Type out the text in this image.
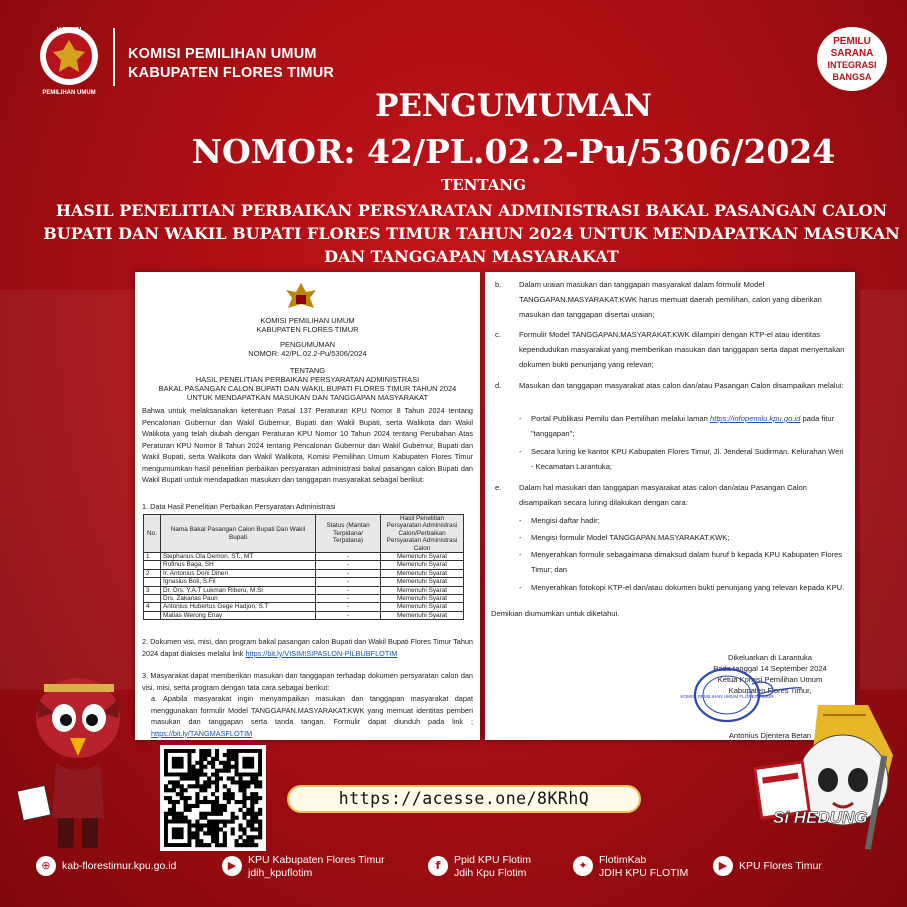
KOMISI
PEMILIHAN UMUM
KOMISI PEMILIHAN UMUM
KABUPATEN FLORES TIMUR
PEMILU
SARANA
INTEGRASI
BANGSA
PENGUMUMAN
NOMOR: 42/PL.02.2-Pu/5306/2024
TENTANG
HASIL PENELITIAN PERBAIKAN PERSYARATAN ADMINISTRASI BAKAL PASANGAN CALON BUPATI DAN WAKIL BUPATI FLORES TIMUR TAHUN 2024 UNTUK MENDAPATKAN MASUKAN DAN TANGGAPAN MASYARAKAT
KOMISI PEMILIHAN UMUM
KABUPATEN FLORES TIMUR
PENGUMUMAN
NOMOR: 42/PL.02.2-Pu/5306/2024
TENTANG
HASIL PENELITIAN PERBAIKAN PERSYARATAN ADMINISTRASI
BAKAL PASANGAN CALON BUPATI DAN WAKIL BUPATI FLORES TIMUR TAHUN 2024
UNTUK MENDAPATKAN MASUKAN DAN TANGGAPAN MASYARAKAT
Bahwa untuk melaksanakan ketentuan Pasal 137 Peraturan KPU Nomor 8 Tahun 2024 tentang Pencalonan Gubernur dan Wakil Gubernur, Bupati dan Wakil Bupati, serta Walikota dan Wakil Walikota yang telah diubah dengan Peraturan KPU Nomor 10 Tahun 2024 tentang Perubahan Atas Peraturan KPU Nomor 8 Tahun 2024 tentang Pencalonan Gubernur dan Wakil Gubernur, Bupati dan Wakil Bupati, serta Walikota dan Wakil Walikota, Komisi Pemilihan Umum Kabupaten Flores Timur mengumumkan hasil penelitian perbaikan persyaratan administrasi bakal pasangan calon Bupati dan Wakil Bupati untuk mendapatkan masukan dan tanggapan masyarakat sebagai berikut:
1. Data Hasil Penelitian Perbaikan Persyaratan Administrasi
No.	Nama Bakal Pasangan Calon Bupati Dan Wakil Bupati	Status (Mantan Terpidana/ Terpidana)	Hasil Penelitian Persyaratan Administrasi Calon/Perbaikan Persyaratan Administrasi Calon
1	Stephanus Ola Demon, ST., MT	-	Memenuhi Syarat
	Rofinus Baga, SH	-	Memenuhi Syarat
2	Ir. Antonius Doni Dihen	-	Memenuhi Syarat
	Ignasius Boli, S.Fil	-	Memenuhi Syarat
3	Dr. Drs. Y.A.T Lukman Riberu, M.Si	-	Memenuhi Syarat
	Drs. Zakarias Paun	-	Memenuhi Syarat
4	Antonius Hubertus Gege Hadjon, S.T	-	Memenuhi Syarat
	Matias Werong Enay	-	Memenuhi Syarat
2. Dokumen visi, misi, dan program bakal pasangan calon Bupati dan Wakil Bupati Flores Timur Tahun 2024 dapat diakses melalui link https://bit.ly/VISIMISIPASLON-PILBUBFLOTIM
3. Masyarakat dapat memberikan masukan dan tanggapan terhadap dokumen persyaratan calon dan visi, misi, serta program dengan tata cara sebagai berikut:
a. Apabila masyarakat ingin menyampaikan masukan dan tanggapan masyarakat dapat menggunakan formulir Model TANGGAPAN.MASYARAKAT.KWK yang memuat identitas pemberi masukan dan tanggapan serta tanda tangan. Formulir dapat diunduh pada link ; https://bit.ly/TANGMASFLOTIM
b. Dalam uraian masukan dan tanggapan masyarakat dalam formulir Model TANGGAPAN.MASYARAKAT.KWK harus memuat daerah pemilihan, calon yang diberikan masukan dan tanggapan disertai uraian;
c. Formulir Model TANGGAPAN.MASYARAKAT.KWK dilampiri dengan KTP-el atau identitas kependudukan masyarakat yang memberikan masukan dan tanggapan serta dapat menyertakan dokumen bukti penunjang yang relevan;
d. Masukan dan tanggapan masyarakat atas calon dan/atau Pasangan Calon disampaikan melalui:
- Portal Publikasi Pemilu dan Pemilihan melalui laman https://infopemilu.kpu.go.id pada fitur "tanggapan";
- Secara luring ke kantor KPU Kabupaten Flores Timur, Jl. Jenderal Sudirman. Kelurahan Weri - Kecamatan Larantuka;
e. Dalam hal masukan dan tanggapan masyarakat atas calon dan/atau Pasangan Calon disampaikan secara luring dilakukan dengan cara:
- Mengisi daftar hadir;
- Mengisi formulir Model TANGGAPAN.MASYARAKAT.KWK;
- Menyerahkan formulir sebagaimana dimaksud dalam huruf b kepada KPU Kabupaten Flores Timur; dan
- Menyerahkan fotokopi KTP-el dan/atau dokumen bukti penunjang yang relevan kepada KPU.
Demikian diumumkan untuk diketahui.
Dikeluarkan di Larantuka
Pada tanggal 14 September 2024
Ketua Komisi Pemilihan Umum
Kabupaten Flores Timur,
Antonius Djentera Betan
KOMISI PEMILIHAN UMUM FLORES TIMUR
https://acesse.one/8KRhQ
Si HEDUNG
⊕	kab-florestimur.kpu.go.id	▶	KPU Kabupaten Flores Timur
jdih_kpuflotim
f	Ppid KPU Flotim
Jdih Kpu Flotim
✦	FlotimKab
JDIH KPU FLOTIM
▶	KPU Flores Timur
